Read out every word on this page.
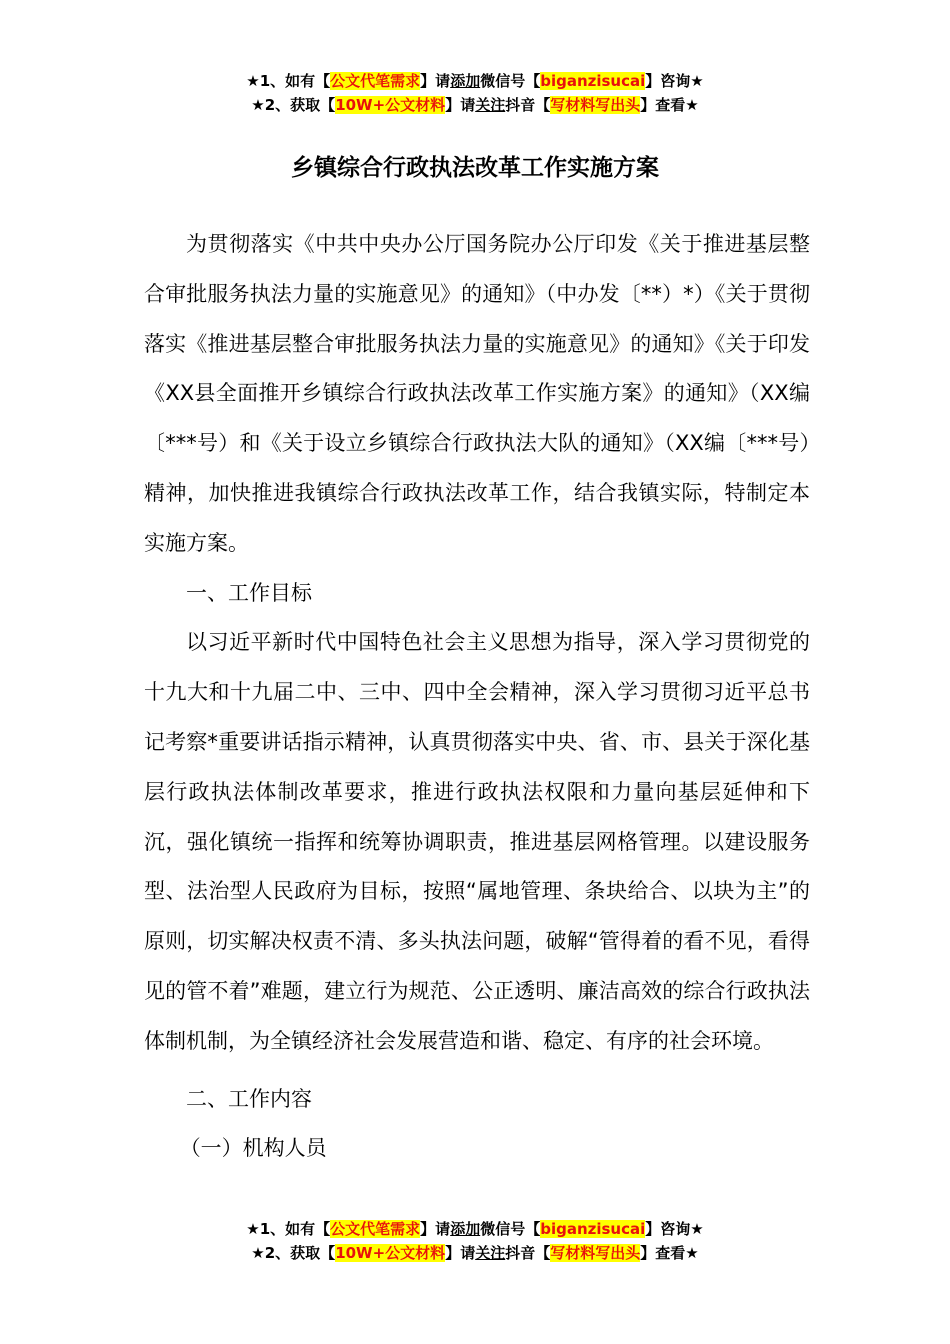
★1、如有【公文代笔需求】请添加微信号【biganzisucai】咨询★
★2、获取【10W+公文材料】请关注抖音【写材料写出头】查看★
乡镇综合行政执法改革工作实施方案

为贯彻落实《中共中央办公厅国务院办公厅印发《关于推进基层整合审批服务执法力量的实施意见》的通知》（中办发〔**）*）《关于贯彻落实《推进基层整合审批服务执法力量的实施意见》的通知》《关于印发《XX县全面推开乡镇综合行政执法改革工作实施方案》的通知》（XX编〔***号）和《关于设立乡镇综合行政执法大队的通知》（XX编〔***号）精神，加快推进我镇综合行政执法改革工作，结合我镇实际，特制定本实施方案。

一、工作目标

以习近平新时代中国特色社会主义思想为指导，深入学习贯彻党的十九大和十九届二中、三中、四中全会精神，深入学习贯彻习近平总书记考察*重要讲话指示精神，认真贯彻落实中央、省、市、县关于深化基层行政执法体制改革要求，推进行政执法权限和力量向基层延伸和下沉，强化镇统一指挥和统筹协调职责，推进基层网格管理。以建设服务型、法治型人民政府为目标，按照“属地管理、条块给合、以块为主”的原则，切实解决权责不清、多头执法问题，破解“管得着的看不见，看得见的管不着”难题，建立行为规范、公正透明、廉洁高效的综合行政执法体制机制，为全镇经济社会发展营造和谐、稳定、有序的社会环境。

二、工作内容

（一）机构人员

★1、如有【公文代笔需求】请添加微信号【biganzisucai】咨询★
★2、获取【10W+公文材料】请关注抖音【写材料写出头】查看★
